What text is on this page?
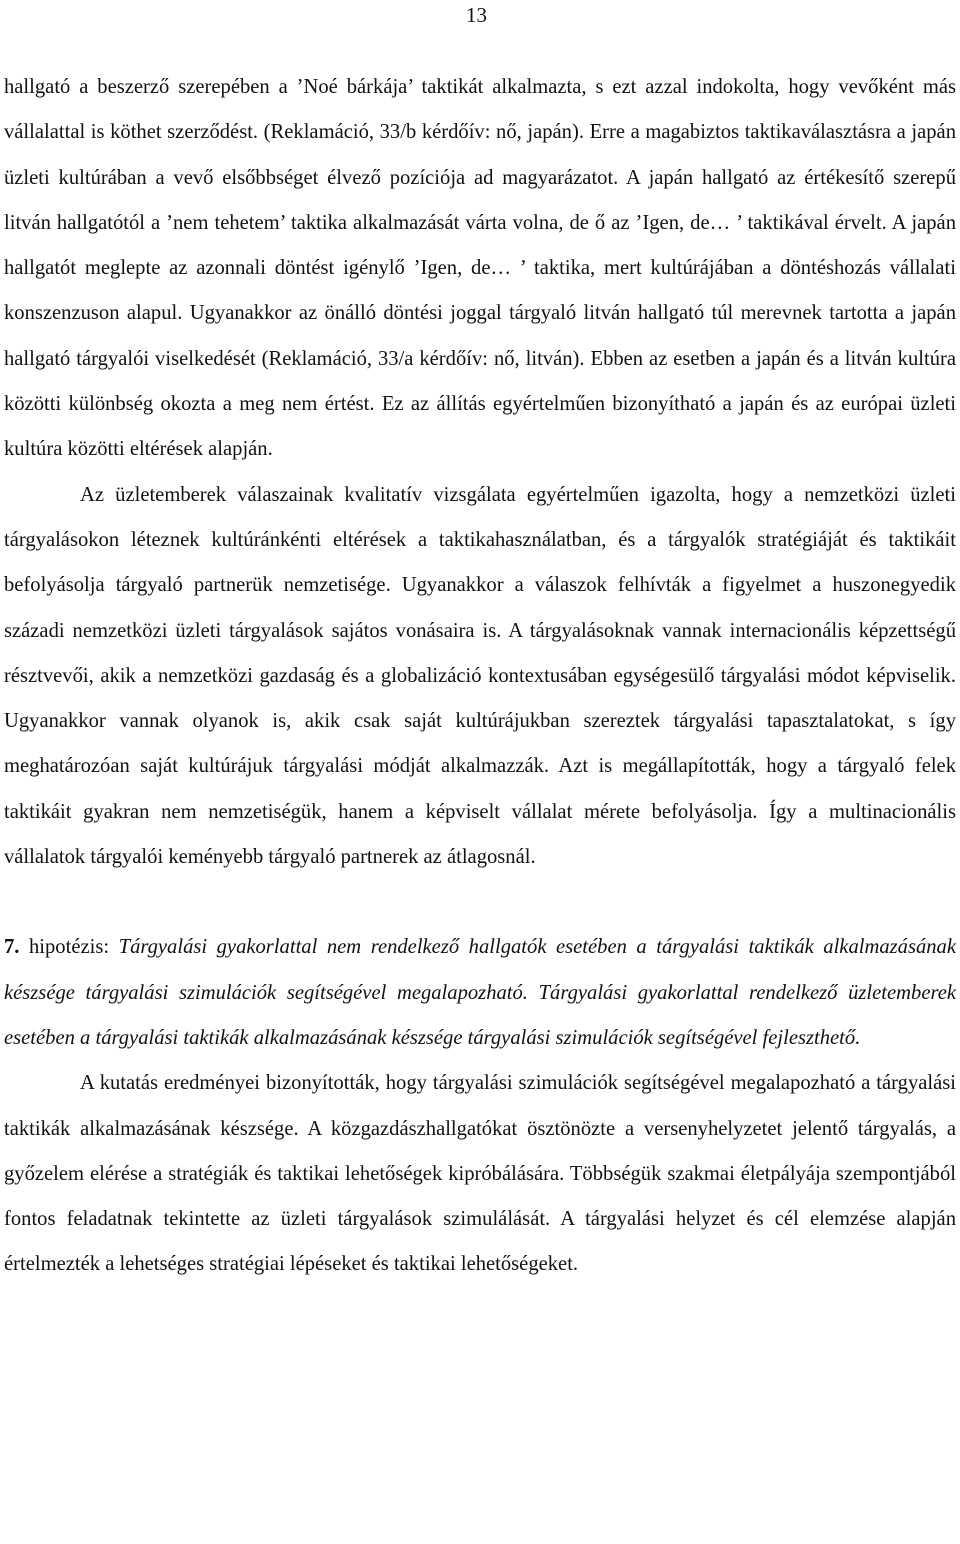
13

hallgató a beszerző szerepében a ’Noé bárkája’ taktikát alkalmazta, s ezt azzal indokolta, hogy vevőként más vállalattal is köthet szerződést. (Reklamáció, 33/b kérdőív: nő, japán). Erre a magabiztos taktikaválasztásra a japán üzleti kultúrában a vevő elsőbbséget élvező pozíciója ad magyarázatot. A japán hallgató az értékesítő szerepű litván hallgatótól a ’nem tehetem’ taktika alkalmazását várta volna, de ő az ’Igen, de… ’ taktikával érvelt. A japán hallgatót meglepte az azonnali döntést igénylő ’Igen, de… ’ taktika, mert kultúrájában a döntéshozás vállalati konszenzuson alapul. Ugyanakkor az önálló döntési joggal tárgyaló litván hallgató túl merevnek tartotta a japán hallgató tárgyalói viselkedését (Reklamáció, 33/a kérdőív: nő, litván). Ebben az esetben a japán és a litván kultúra közötti különbség okozta a meg nem értést. Ez az állítás egyértelműen bizonyítható a japán és az európai üzleti kultúra közötti eltérések alapján.

Az üzletemberek válaszainak kvalitatív vizsgálata egyértelműen igazolta, hogy a nemzetközi üzleti tárgyalásokon léteznek kultúránkénti eltérések a taktikahasználatban, és a tárgyalók stratégiáját és taktikáit befolyásolja tárgyaló partnerük nemzetisége. Ugyanakkor a válaszok felhívták a figyelmet a huszonegyedik századi nemzetközi üzleti tárgyalások sajátos vonásaira is. A tárgyalásoknak vannak internacionális képzettségű résztvevői, akik a nemzetközi gazdaság és a globalizáció kontextusában egységesülő tárgyalási módot képviselik. Ugyanakkor vannak olyanok is, akik csak saját kultúrájukban szereztek tárgyalási tapasztalatokat, s így meghatározóan saját kultúrájuk tárgyalási módját alkalmazzák. Azt is megállapították, hogy a tárgyaló felek taktikáit gyakran nem nemzetiségük, hanem a képviselt vállalat mérete befolyásolja. Így a multinacionális vállalatok tárgyalói keményebb tárgyaló partnerek az átlagosnál.

7. hipotézis: Tárgyalási gyakorlattal nem rendelkező hallgatók esetében a tárgyalási taktikák alkalmazásának készsége tárgyalási szimulációk segítségével megalapozható. Tárgyalási gyakorlattal rendelkező üzletemberek esetében a tárgyalási taktikák alkalmazásának készsége tárgyalási szimulációk segítségével fejleszthető.

A kutatás eredményei bizonyították, hogy tárgyalási szimulációk segítségével megalapozható a tárgyalási taktikák alkalmazásának készsége. A közgazdászhallgatókat ösztönözte a versenyhelyzetet jelentő tárgyalás, a győzelem elérése a stratégiák és taktikai lehetőségek kipróbálására. Többségük szakmai életpályája szempontjából fontos feladatnak tekintette az üzleti tárgyalások szimulálását. A tárgyalási helyzet és cél elemzése alapján értelmezték a lehetséges stratégiai lépéseket és taktikai lehetőségeket.
